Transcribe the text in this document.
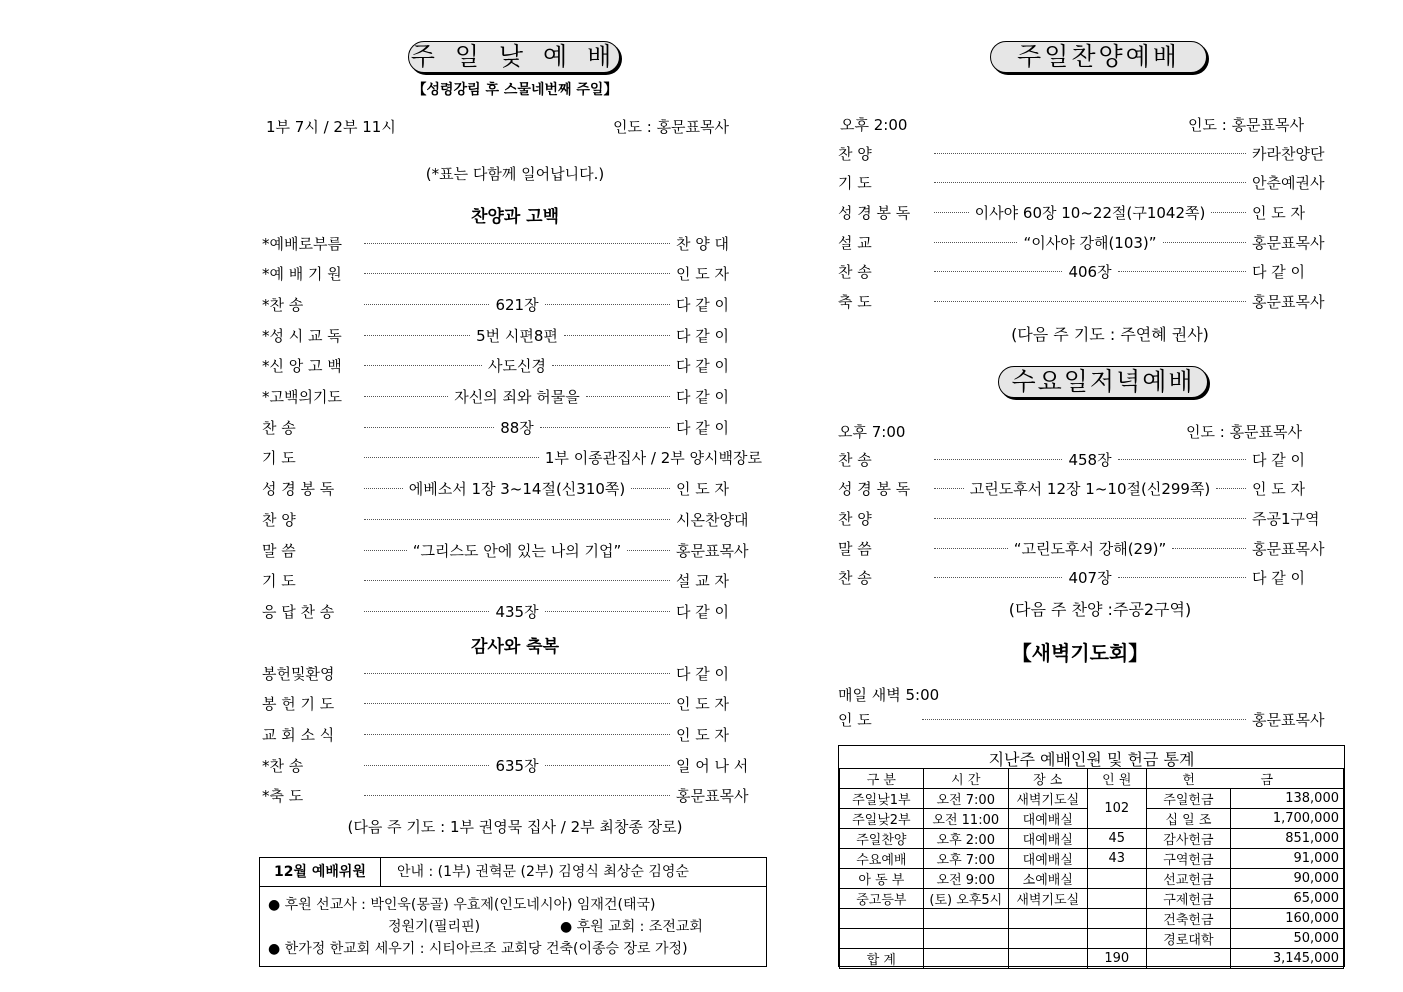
주 일 낮 예 배
【성령강림 후 스물네번째 주일】
1부 7시 / 2부 11시	인도 : 홍문표목사
(*표는 다함께 일어납니다.)
찬양과 고백
*예배로부름	찬 양 대
*예 배 기 원	인 도 자
*찬 송	621장	다 같 이
*성 시 교 독	5번 시편8편	다 같 이
*신 앙 고 백	사도신경	다 같 이
*고백의기도	자신의 죄와 허물을	다 같 이
찬 송	88장	다 같 이
기 도	1부 이종관집사 / 2부 양시백장로
성 경 봉 독	에베소서 1장 3~14절(신310쪽)	인 도 자
찬 양	시온찬양대
말 씀	“그리스도 안에 있는 나의 기업”	홍문표목사
기 도	설 교 자
응 답 찬 송	435장	다 같 이
감사와 축복
봉헌및환영	다 같 이
봉 헌 기 도	인 도 자
교 회 소 식	인 도 자
*찬 송	635장	일 어 나 서
*축 도	홍문표목사
(다음 주 기도 : 1부 권영묵 집사 / 2부 최창종 장로)
12월 예배위원	안내 : (1부) 권혁문 (2부) 김영식 최상순 김영순
● 후원 선교사 : 박인욱(몽골) 우효제(인도네시아) 임재건(태국)
정원기(필리핀)	● 후원 교회 : 조전교회
● 한가정 한교회 세우기 : 시티아르조 교회당 건축(이종승 장로 가정)
주일찬양예배
오후 2:00	인도 : 홍문표목사
찬 양	카라찬양단
기 도	안춘예권사
성 경 봉 독	이사야 60장 10~22절(구1042쪽)	인 도 자
설 교	“이사야 강해(103)”	홍문표목사
찬 송	406장	다 같 이
축 도	홍문표목사
(다음 주 기도 : 주연혜 권사)
수요일저녁예배
오후 7:00	인도 : 홍문표목사
찬 송	458장	다 같 이
성 경 봉 독	고린도후서 12장 1~10절(신299쪽)	인 도 자
찬 양	주공1구역
말 씀	“고린도후서 강해(29)”	홍문표목사
찬 송	407장	다 같 이
(다음 주 찬양 :주공2구역)
【새벽기도회】
매일 새벽 5:00
인 도	홍문표목사
지난주 예배인원 및 헌금 통계
구 분	시 간	장 소	인 원	헌	금
주일낮1부	오전 7:00	새벽기도실	102	주일헌금	138,000
주일낮2부	오전 11:00	대예배실		십 일 조	1,700,000
주일찬양	오후 2:00	대예배실	45	감사헌금	851,000
수요예배	오후 7:00	대예배실	43	구역헌금	91,000
아 동 부	오전 9:00	소예배실		선교헌금	90,000
중고등부	(토) 오후5시	새벽기도실		구제헌금	65,000
				건축헌금	160,000
				경로대학	50,000
합 계			190		3,145,000
